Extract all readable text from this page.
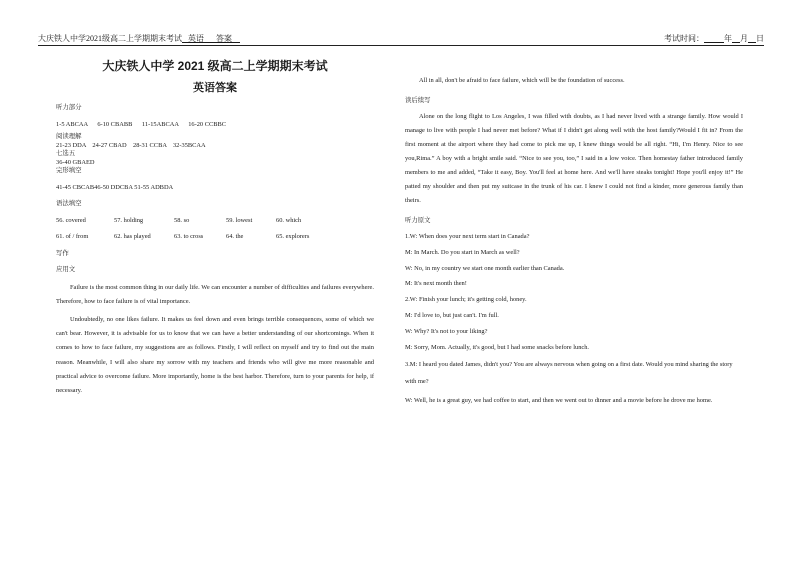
大庆铁人中学2021级高二上学期期末考试 英语 答案	考试时间：	年 月 日
大庆铁人中学 2021 级高二上学期期末考试
英语答案
听力部分
1-5 ABCAA      6-10 CBABB      11-15ABCAA      16-20 CCBBC
阅读理解
21-23 DDA    24-27 CBAD    28-31 CCBA    32-35BCAA
七选五
36-40 GBAED
完形填空
41-45 CBCAB46-50 DDCBA 51-55 ADBDA
语法填空
56. covered	57. holding	58. so	59. lowest	60. which
61. of / from	62. has played	63. to cross	64. the	65. explorers
写作
应用文
Failure is the most common thing in our daily life. We can encounter a number of difficulties and failures everywhere. Therefore, how to face failure is of vital importance.
Undoubtedly, no one likes failure. It makes us feel down and even brings terrible consequences, some of which we can't bear. However, it is advisable for us to know that we can have a better understanding of our shortcomings. When it comes to how to face failure, my suggestions are as follows. Firstly, I will reflect on myself and try to find out the main reason. Meanwhile, I will also share my sorrow with my teachers and friends who will give me more reasonable and practical advice to overcome failure. More importantly, home is the best harbor. Therefore, turn to your parents for help, if necessary.
All in all, don't be afraid to face failure, which will be the foundation of success.
读后续写
Alone on the long flight to Los Angeles, I was filled with doubts, as I had never lived with a strange family. How would I manage to live with people I had never met before? What if I didn't get along well with the host family?Would I fit in? From the first moment at the airport where they had come to pick me up, I knew things would be all right. “Hi, I'm Henry. Nice to see you,Rima.” A boy with a bright smile said. “Nice to see you, too,” I said in a low voice. Then homestay father introduced family members to me and added, “Take it easy, Boy. You'll feel at home here. And we'll have steaks tonight! Hope you'll enjoy it!” He patted my shoulder and then put my suitcase in the trunk of his car. I knew I could not find a kinder, more generous family than theirs.
听力原文
1.W: When does your next term start in Canada?
M: In March. Do you start in March as well?
W: No, in my country we start one month earlier than Canada.
M: It's next month then!
2.W: Finish your lunch; it's getting cold, honey.
M: I'd love to, but just can't. I'm full.
W: Why? It's not to your liking?
M: Sorry, Mom. Actually, it's good, but I had some snacks before lunch.
3.M: I heard you dated James, didn't you? You are always nervous when going on a first date. Would you mind sharing the story with me?
W: Well, he is a great guy, we had coffee to start, and then we went out to dinner and a movie before he drove me home.
